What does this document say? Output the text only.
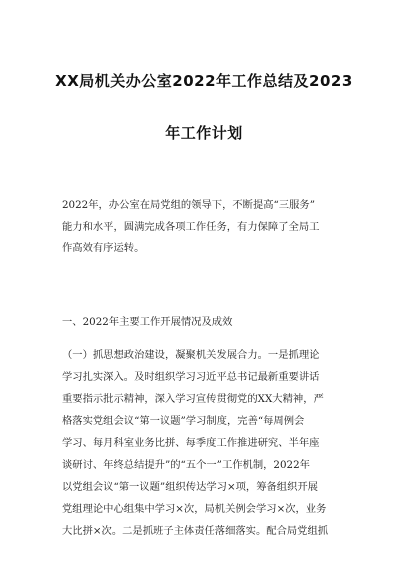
XX局机关办公室2022年工作总结及2023
年工作计划
2022年，办公室在局党组的领导下，不断提高“三服务”
能力和水平，圆满完成各项工作任务，有力保障了全局工
作高效有序运转。
一、2022年主要工作开展情况及成效
（一）抓思想政治建设，凝聚机关发展合力。一是抓理论
学习扎实深入。及时组织学习习近平总书记最新重要讲话
重要指示批示精神，深入学习宣传贯彻党的XX大精神，严
格落实党组会议“第一议题”学习制度，完善“每周例会
学习、每月科室业务比拼、每季度工作推进研究、半年座
谈研讨、年终总结提升”的“五个一”工作机制，2022年
以党组会议“第一议题”组织传达学习×项，筹备组织开展
党组理论中心组集中学习×次，局机关例会学习×次，业务
大比拼×次。二是抓班子主体责任落细落实。配合局党组抓
